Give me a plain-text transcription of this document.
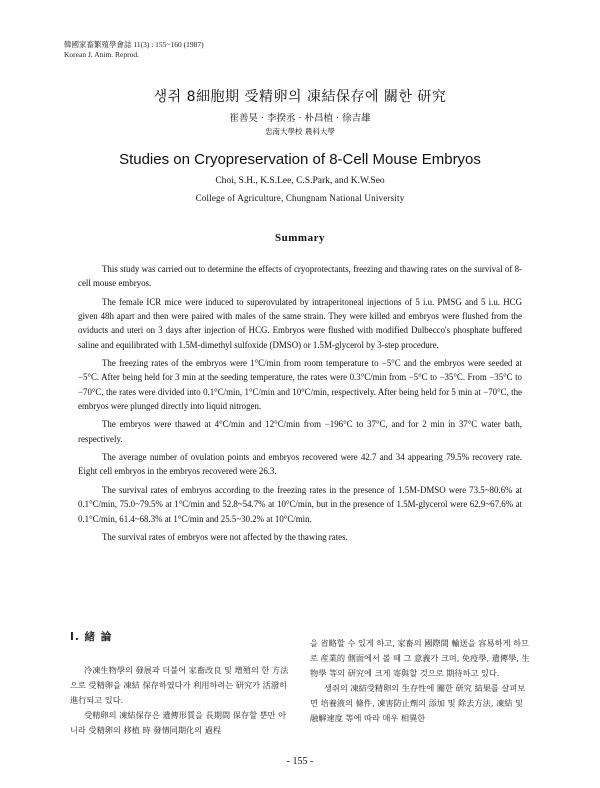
韓國家畜繁殖學會誌 11(3) : 155~160 (1987)
Korean J. Anim. Reprod.
생쥐 8細胞期 受精卵의 凍結保存에 關한 研究
崔善昊 · 李揆丞 · 朴昌植 · 徐吉雄
忠南大學校 農科大學
Studies on Cryopreservation of 8-Cell Mouse Embryos
Choi, S.H., K.S.Lee, C.S.Park, and K.W.Seo
College of Agriculture, Chungnam National University
Summary

This study was carried out to determine the effects of cryoprotectants, freezing and thawing rates on the survival of 8-cell mouse embryos.

The female ICR mice were induced to superovulated by intraperitoneal injections of 5 i.u. PMSG and 5 i.u. HCG given 48h apart and then were paired with males of the same strain. They were killed and embryos were flushed from the oviducts and uteri on 3 days after injection of HCG. Embryos were flushed with modified Dulbecco's phosphate buffered saline and equilibrated with 1.5M-dimethyl sulfoxide (DMSO) or 1.5M-glycerol by 3-step procedure.

The freezing rates of the embryos were 1°C/min from room temperature to −5°C and the embryos were seeded at −5°C. After being held for 3 min at the seeding temperature, the rates were 0.3°C/min from −5°C to −35°C. From −35°C to −70°C, the rates were divided into 0.1°C/min, 1°C/min and 10°C/min, respectively. After being held for 5 min at −70°C, the embryos were plunged directly into liquid nitrogen.

The embryos were thawed at 4°C/min and 12°C/min from −196°C to 37°C, and for 2 min in 37°C water bath, respectively.

The average number of ovulation points and embryos recovered were 42.7 and 34 appearing 79.5% recovery rate. Eight cell embryos in the embryos recovered were 26.3.

The survival rates of embryos according to the freezing rates in the presence of 1.5M-DMSO were 73.5~80.6% at 0.1°C/min, 75.0~79.5% at 1°C/min and 52.8~54.7% at 10°C/min, but in the presence of 1.5M-glycerol were 62.9~67.6% at 0.1°C/min, 61.4~68.3% at 1°C/min and 25.5~30.2% at 10°C/min.

The survival rates of embryos were not affected by the thawing rates.

Ⅰ. 緒 論

冷凍生物學의 發展과 더불어 家畜改良 및 增殖의 한 方法으로 受精卵을 凍結 保存하였다가 利用하려는 研究가 活潑히 進行되고 있다.

受精卵의 凍結保存은 遺傳形質을 長期間 保存할 뿐만 아니라 受精卵의 移植 時 發情同期化의 過程

을 省略할 수 있게 하고, 家畜의 國際間 輸送을 容易하게 하므로 産業的 側面에서 볼 때 그 意義가 크며, 免疫學, 遺傳學, 生物學 等의 研究에 크게 寄與할 것으로 期待하고 있다.

생쥐의 凍結受精卵의 生存性에 關한 研究 結果를 살펴보면 培養液의 條件, 凍害防止劑의 添加 및 除去方法, 凍結 및 融解速度 等에 따라 매우 相異한

- 155 -
